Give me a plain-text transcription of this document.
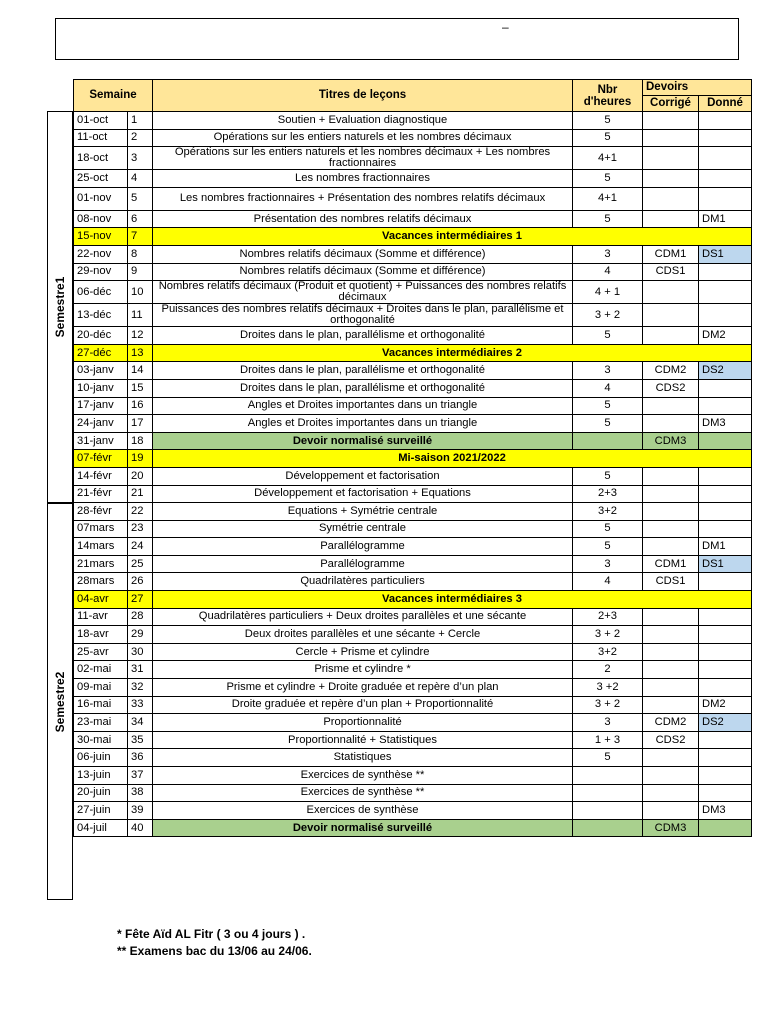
–
Semestre1
Semestre2
Semaine		Titres de leçons	Nbr d'heures	Devoirs	
				Corrigé	Donné
01-oct	1	Soutien + Evaluation diagnostique	5		
11-oct	2	Opérations sur les entiers naturels et les nombres décimaux	5		
18-oct	3	Opérations sur les entiers naturels et les nombres décimaux + Les nombres fractionnaires	4+1		
25-oct	4	Les nombres fractionnaires	5		
01-nov	5	Les nombres fractionnaires + Présentation des nombres relatifs décimaux	4+1		
08-nov	6	Présentation des nombres relatifs décimaux	5		DM1
15-nov	7	Vacances intermédiaires 1			
22-nov	8	Nombres relatifs décimaux (Somme et différence)	3	CDM1	DS1
29-nov	9	Nombres relatifs décimaux (Somme et différence)	4	CDS1	
06-déc	10	Nombres relatifs décimaux (Produit et quotient) + Puissances des nombres relatifs décimaux	4 + 1		
13-déc	11	Puissances des nombres relatifs décimaux + Droites dans le plan, parallélisme et orthogonalité	3 + 2		
20-déc	12	Droites dans le plan, parallélisme et orthogonalité	5		DM2
27-déc	13	Vacances intermédiaires 2			
03-janv	14	Droites dans le plan, parallélisme et orthogonalité	3	CDM2	DS2
10-janv	15	Droites dans le plan, parallélisme et orthogonalité	4	CDS2	
17-janv	16	Angles et Droites importantes dans un triangle	5		
24-janv	17	Angles et Droites importantes dans un triangle	5		DM3
31-janv	18	Devoir normalisé surveillé		CDM3	
07-févr	19	Mi-saison 2021/2022			
14-févr	20	Développement et factorisation	5		
21-févr	21	Développement et factorisation + Equations	2+3		
28-févr	22	Equations + Symétrie centrale	3+2		
07mars	23	Symétrie centrale	5		
14mars	24	Parallélogramme	5		DM1
21mars	25	Parallélogramme	3	CDM1	DS1
28mars	26	Quadrilatères particuliers	4	CDS1	
04-avr	27	Vacances intermédiaires 3			
11-avr	28	Quadrilatères particuliers + Deux droites parallèles et une sécante	2+3		
18-avr	29	Deux droites parallèles et une sécante + Cercle	3 + 2		
25-avr	30	Cercle + Prisme et cylindre	3+2		
02-mai	31	Prisme et cylindre *	2		
09-mai	32	Prisme et cylindre + Droite graduée et repère d’un plan	3 +2		
16-mai	33	Droite graduée et repère d’un plan + Proportionnalité	3 + 2		DM2
23-mai	34	Proportionnalité	3	CDM2	DS2
30-mai	35	Proportionnalité + Statistiques	1 + 3	CDS2	
06-juin	36	Statistiques	5		
13-juin	37	Exercices de synthèse **			
20-juin	38	Exercices de synthèse **			
27-juin	39	Exercices de synthèse			DM3
04-juil	40	Devoir normalisé surveillé		CDM3	
* Fête Aïd AL Fitr ( 3 ou 4 jours ) .
** Examens bac du 13/06 au 24/06.
